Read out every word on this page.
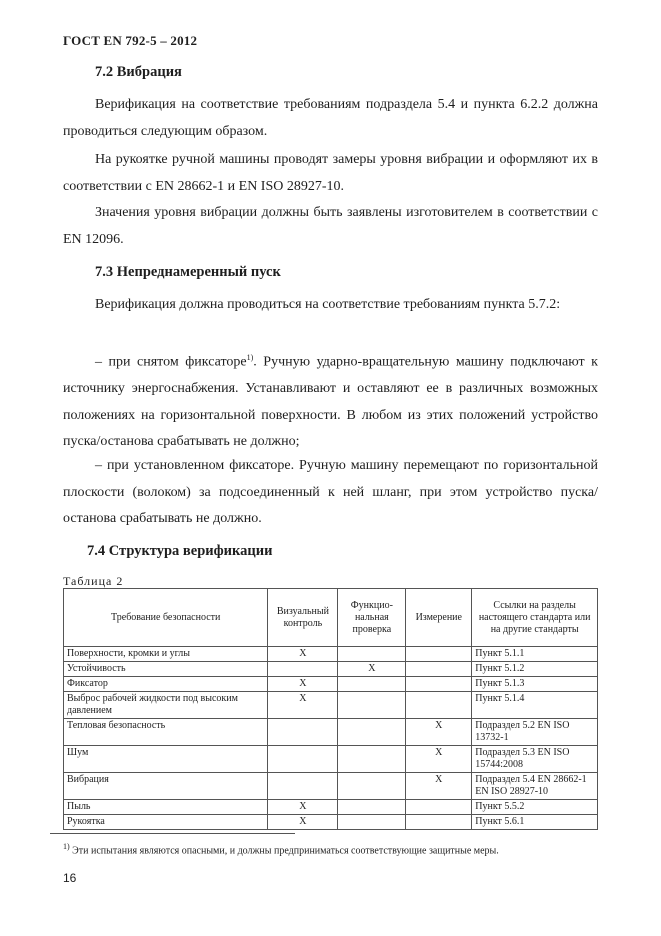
ГОСТ EN 792-5 – 2012
7.2 Вибрация

Верификация на соответствие требованиям подраздела 5.4 и пункта 6.2.2 должна проводиться следующим образом.

На рукоятке ручной машины проводят замеры уровня вибрации и оформляют их в соответствии с EN 28662-1 и EN ISO 28927-10.

Значения уровня вибрации должны быть заявлены изготовителем в соответствии с EN 12096.

7.3 Непреднамеренный пуск

Верификация должна проводиться на соответствие требованиям пункта 5.7.2:

– при снятом фиксаторе$^{1)}$. Ручную ударно-вращательную машину подключают к источнику энергоснабжения. Устанавливают и оставляют ее в различных возможных положениях на горизонтальной поверхности. В любом из этих положений устройство пуска/останова срабатывать не должно;

– при установленном фиксаторе. Ручную машину перемещают по горизонтальной плоскости (волоком) за подсоединенный к ней шланг, при этом устройство пуска/останова срабатывать не должно.

7.4 Структура верификации
Таблица 2
Требование безопасности	Визуальный контроль	Функцио-нальная проверка	Измерение	Ссылки на разделы настоящего стандарта или на другие стандарты
Поверхности, кромки и углы	X			Пункт 5.1.1
Устойчивость		X		Пункт 5.1.2
Фиксатор	X			Пункт 5.1.3
Выброс рабочей жидкости под высоким давлением	X			Пункт 5.1.4
Тепловая безопасность			X	Подраздел 5.2 EN ISO 13732-1
Шум			X	Подраздел 5.3 EN ISO 15744:2008
Вибрация			X	Подраздел 5.4 EN 28662-1 EN ISO 28927-10
Пыль	X			Пункт 5.5.2
Рукоятка	X			Пункт 5.6.1
$^{1)}$ Эти испытания являются опасными, и должны предприниматься соответствующие защитные меры.
16
